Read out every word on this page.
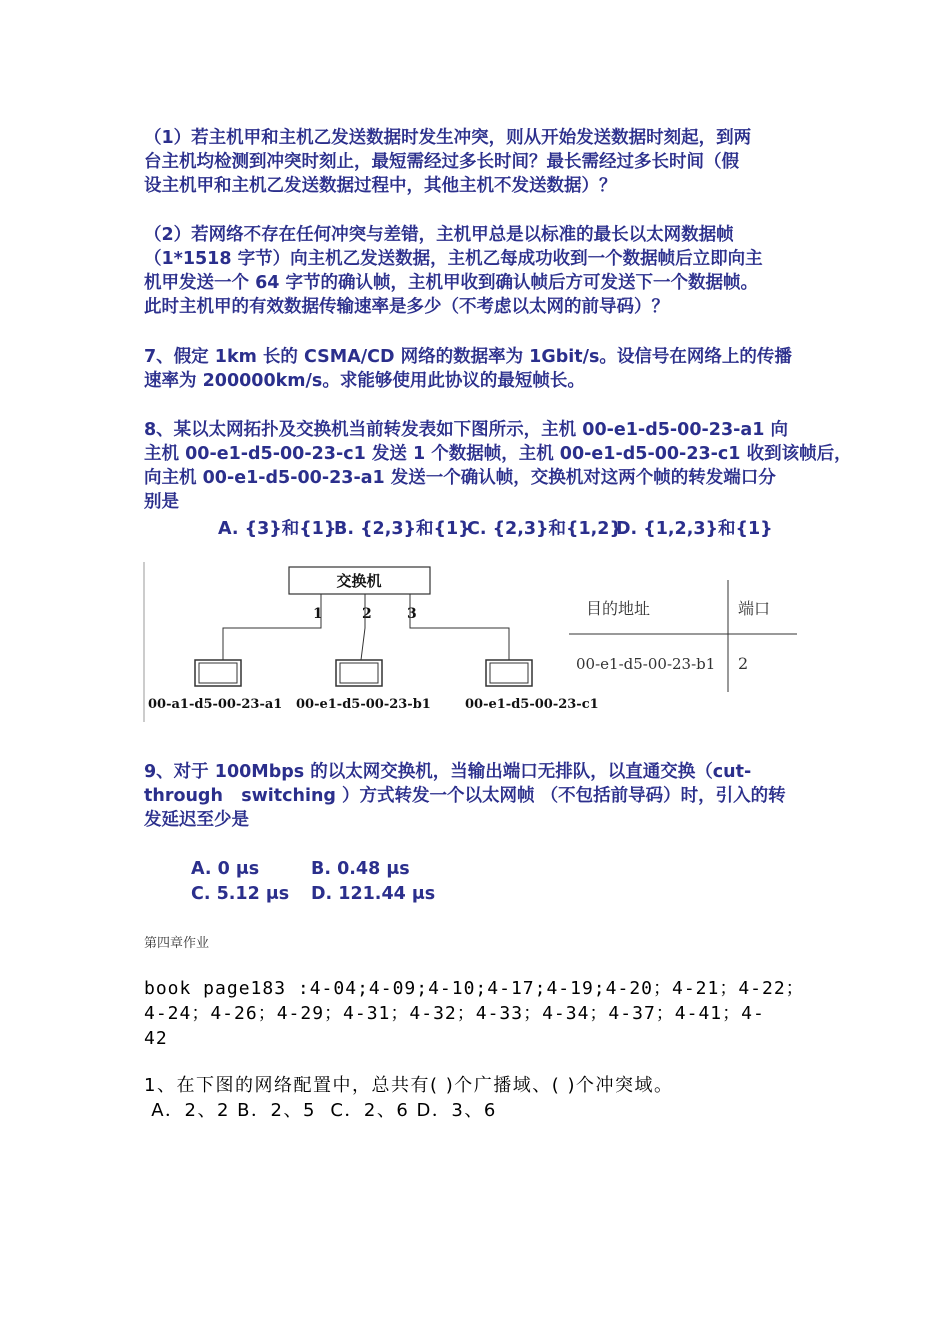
（1）若主机甲和主机乙发送数据时发生冲突，则从开始发送数据时刻起，到两
台主机均检测到冲突时刻止，最短需经过多长时间？最长需经过多长时间（假
设主机甲和主机乙发送数据过程中，其他主机不发送数据）？
（2）若网络不存在任何冲突与差错，主机甲总是以标准的最长以太网数据帧
（1*1518 字节）向主机乙发送数据，主机乙每成功收到一个数据帧后立即向主
机甲发送一个 64 字节的确认帧，主机甲收到确认帧后方可发送下一个数据帧。
此时主机甲的有效数据传输速率是多少（不考虑以太网的前导码）？
7、假定 1km 长的 CSMA/CD 网络的数据率为 1Gbit/s。设信号在网络上的传播
速率为 200000km/s。求能够使用此协议的最短帧长。
8、某以太网拓扑及交换机当前转发表如下图所示，主机 00-e1-d5-00-23-a1 向
主机 00-e1-d5-00-23-c1 发送 1 个数据帧，主机 00-e1-d5-00-23-c1 收到该帧后，
向主机 00-e1-d5-00-23-a1 发送一个确认帧，交换机对这两个帧的转发端口分
别是
A. {3}和{1}
B. {2,3}和{1}
C. {2,3}和{1,2}
D. {1,2,3}和{1}
交换机
1	2	3
00-a1-d5-00-23-a1 00-e1-d5-00-23-b1	00-e1-d5-00-23-c1
目的地址	端口
00-e1-d5-00-23-b1 2
9、对于 100Mbps 的以太网交换机，当输出端口无排队，以直通交换（cut-
through   switching ）方式转发一个以太网帧 （不包括前导码）时，引入的转
发延迟至少是
A. 0 μs	B. 0.48 μs
C. 5.12 μs D. 121.44 μs
第四章作业
book page183 :4-04;4-09;4-10;4-17;4-19;4-20；4-21；4-22；
4-24；4-26；4-29；4-31；4-32；4-33；4-34；4-37；4-41；4-
42
1、在下图的网络配置中，总共有( )个广播域、( )个冲突域。
A．2、2 B．2、5  C．2、6 D．3、6
